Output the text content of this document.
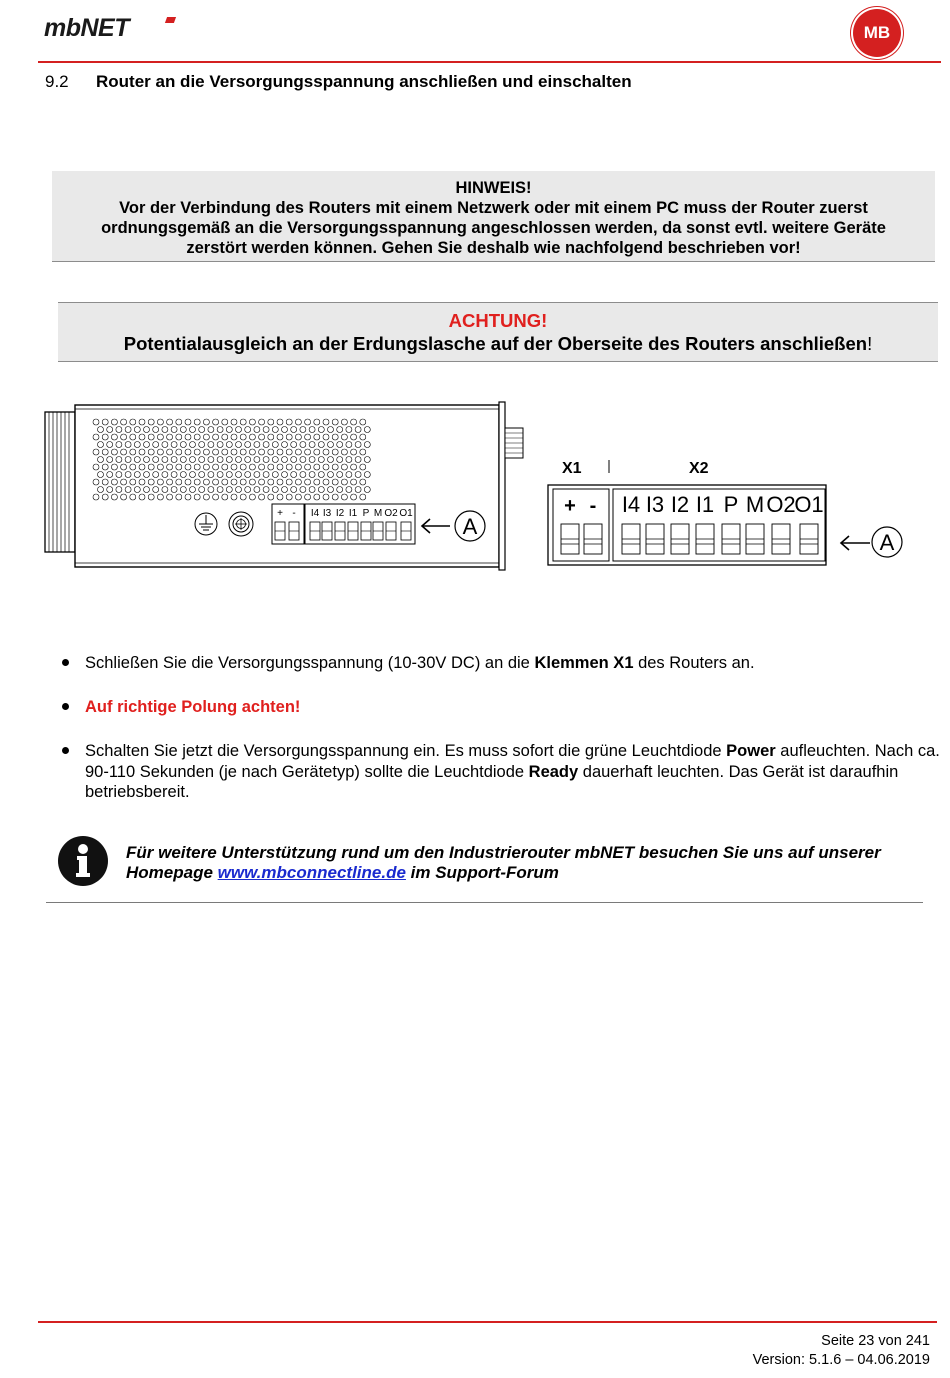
mbNET	MB
9.2 Router an die Versorgungsspannung anschließen und einschalten
HINWEIS!
Vor der Verbindung des Routers mit einem Netzwerk oder mit einem PC muss der Router zuerst
ordnungsgemäß an die Versorgungsspannung angeschlossen werden, da sonst evtl. weitere Geräte
zerstört werden können. Gehen Sie deshalb wie nachfolgend beschrieben vor!
ACHTUNG!
Potentialausgleich an der Erdungslasche auf der Oberseite des Routers anschließen!
+ - I4 I3 I2 I1 P M O2 O1
A
X1	X2
+ - I4 I3 I2 I1 P M O2
O1
A
Schließen Sie die Versorgungsspannung (10-30V DC) an die Klemmen X1 des Routers an.
Auf richtige Polung achten!
Schalten Sie jetzt die Versorgungsspannung ein. Es muss sofort die grüne Leuchtdiode Power aufleuchten. Nach ca. 90-110 Sekunden (je nach Gerätetyp) sollte die Leuchtdiode Ready dauerhaft leuchten. Das Gerät ist daraufhin betriebsbereit.
Für weitere Unterstützung rund um den Industrierouter mbNET besuchen Sie uns auf unserer
Homepage www.mbconnectline.de im Support-Forum
Seite 23 von 241
Version: 5.1.6 – 04.06.2019
